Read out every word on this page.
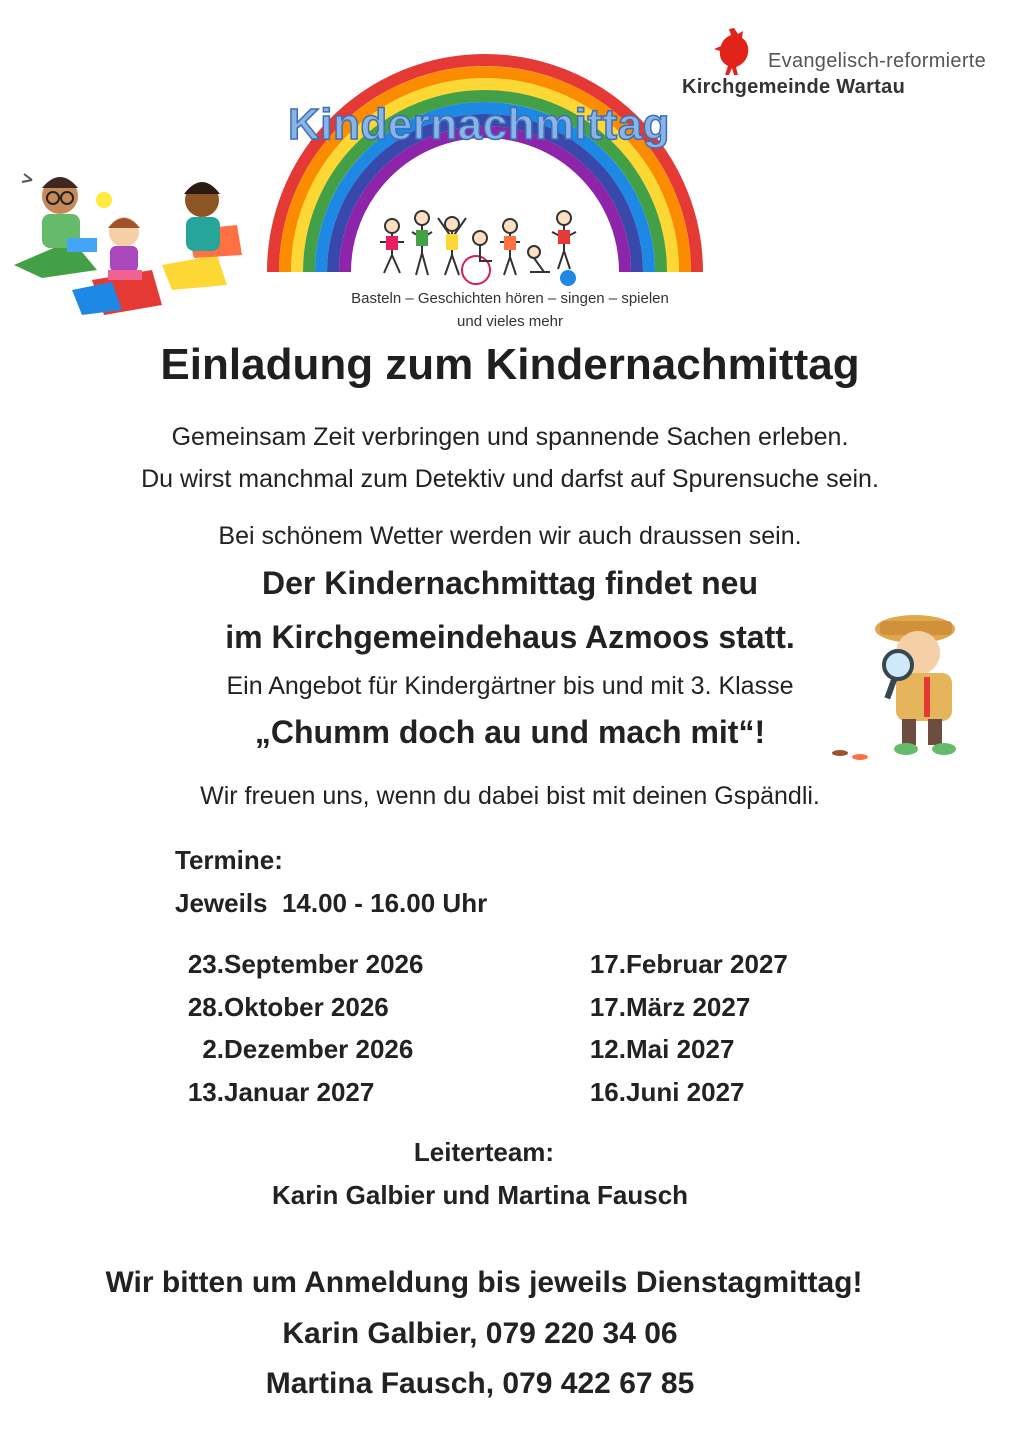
Evangelisch-reformierte
Kirchgemeinde Wartau
Kindernachmittag
Basteln – Geschichten hören – singen – spielen
und vieles mehr
Einladung zum Kindernachmittag
Gemeinsam Zeit verbringen und spannende Sachen erleben.
Du wirst manchmal zum Detektiv und darfst auf Spurensuche sein.
Bei schönem Wetter werden wir auch draussen sein.
Der Kindernachmittag findet neu
im Kirchgemeindehaus Azmoos statt.
Ein Angebot für Kindergärtner bis und mit 3. Klasse
„Chumm doch au und mach mit“!
Wir freuen uns, wenn du dabei bist mit deinen Gspändli.
Termine:
Jeweils  14.00 - 16.00 Uhr
23.September 2026
28.Oktober 2026
2.Dezember 2026
13.Januar 2027
17.Februar 2027
17.März 2027
12.Mai 2027
16.Juni 2027
Leiterteam:
Karin Galbier und Martina Fausch
Wir bitten um Anmeldung bis jeweils Dienstagmittag!
Karin Galbier, 079 220 34 06
Martina Fausch, 079 422 67 85
